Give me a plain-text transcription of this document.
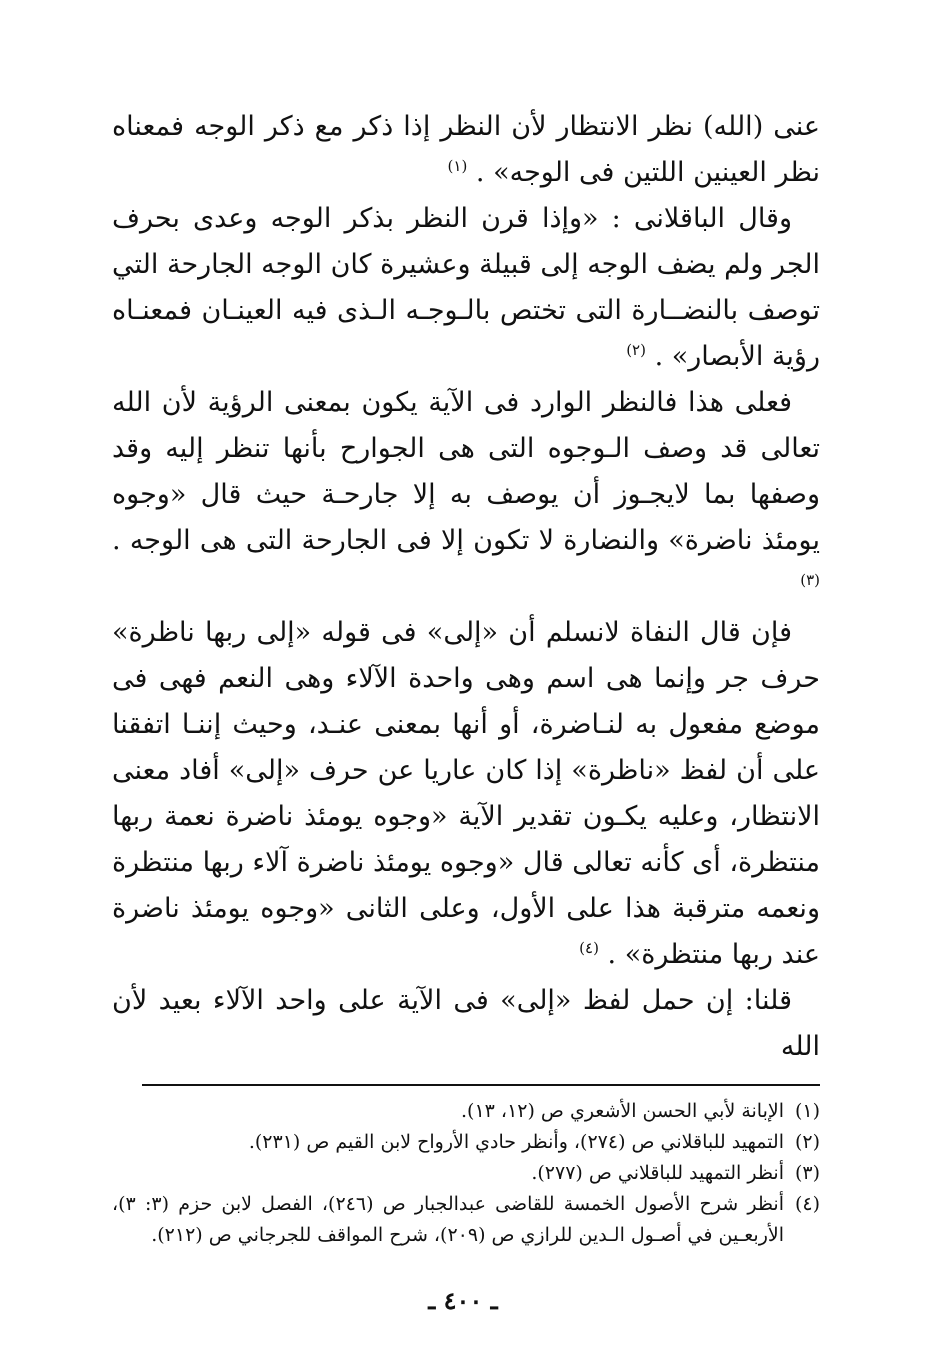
عنى (الله) نظر الانتظار لأن النظر إذا ذكر مع ذكر الوجه فمعناه نظر العينين اللتين فى الوجه» . $^{(١)}$

وقال الباقلانى : «وإذا قرن النظر بذكر الوجه وعدى بحرف الجر ولم يضف الوجه إلى قبيلة وعشيرة كان الوجه الجارحة التي توصف بالنضــارة التى تختص بالـوجـه الـذى فيه العينـان فمعنـاه رؤية الأبصار» . $^{(٢)}$

فعلى هذا فالنظر الوارد فى الآية يكون بمعنى الرؤية لأن الله تعالى قد وصف الـوجوه التى هى الجوارح بأنها تنظر إليه وقد وصفها بما لايجـوز أن يوصف به إلا جارحـة حيث قال «وجوه يومئذ ناضرة» والنضارة لا تكون إلا فى الجارحة التى هى الوجه . $^{(٣)}$

فإن قال النفاة لانسلم أن «إلى» فى قوله «إلى ربها ناظرة» حرف جر وإنما هى اسم وهى واحدة الآلاء وهى النعم فهى فى موضع مفعول به لنـاضرة، أو أنها بمعنى عنـد، وحيث إننـا اتفقنا على أن لفظ «ناظرة» إذا كان عاريا عن حرف «إلى» أفاد معنى الانتظار، وعليه يكـون تقدير الآية «وجوه يومئذ ناضرة نعمة ربها منتظرة، أى كأنه تعالى قال «وجوه يومئذ ناضرة آلاء ربها منتظرة ونعمه مترقبة هذا على الأول، وعلى الثانى «وجوه يومئذ ناضرة عند ربها منتظرة» . $^{(٤)}$

قلنا: إن حمل لفظ «إلى» فى الآية على واحد الآلاء بعيد لأن الله

(١)
الإبانة لأبي الحسن الأشعري ص (١٢، ١٣).
(٢)
التمهيد للباقلاني ص (٢٧٤)، وأنظر حادي الأرواح لابن القيم ص (٢٣١).
(٣)
أنظر التمهيد للباقلاني ص (٢٧٧).
(٤)
أنظر شرح الأصول الخمسة للقاضى عبدالجبار ص (٢٤٦)، الفصل لابن حزم (٣: ٣)، الأربعـين في أصـول الـدين للرازي ص (٢٠٩)، شرح المواقف للجرجاني ص (٢١٢).
ـ ٤٠٠ ـ
